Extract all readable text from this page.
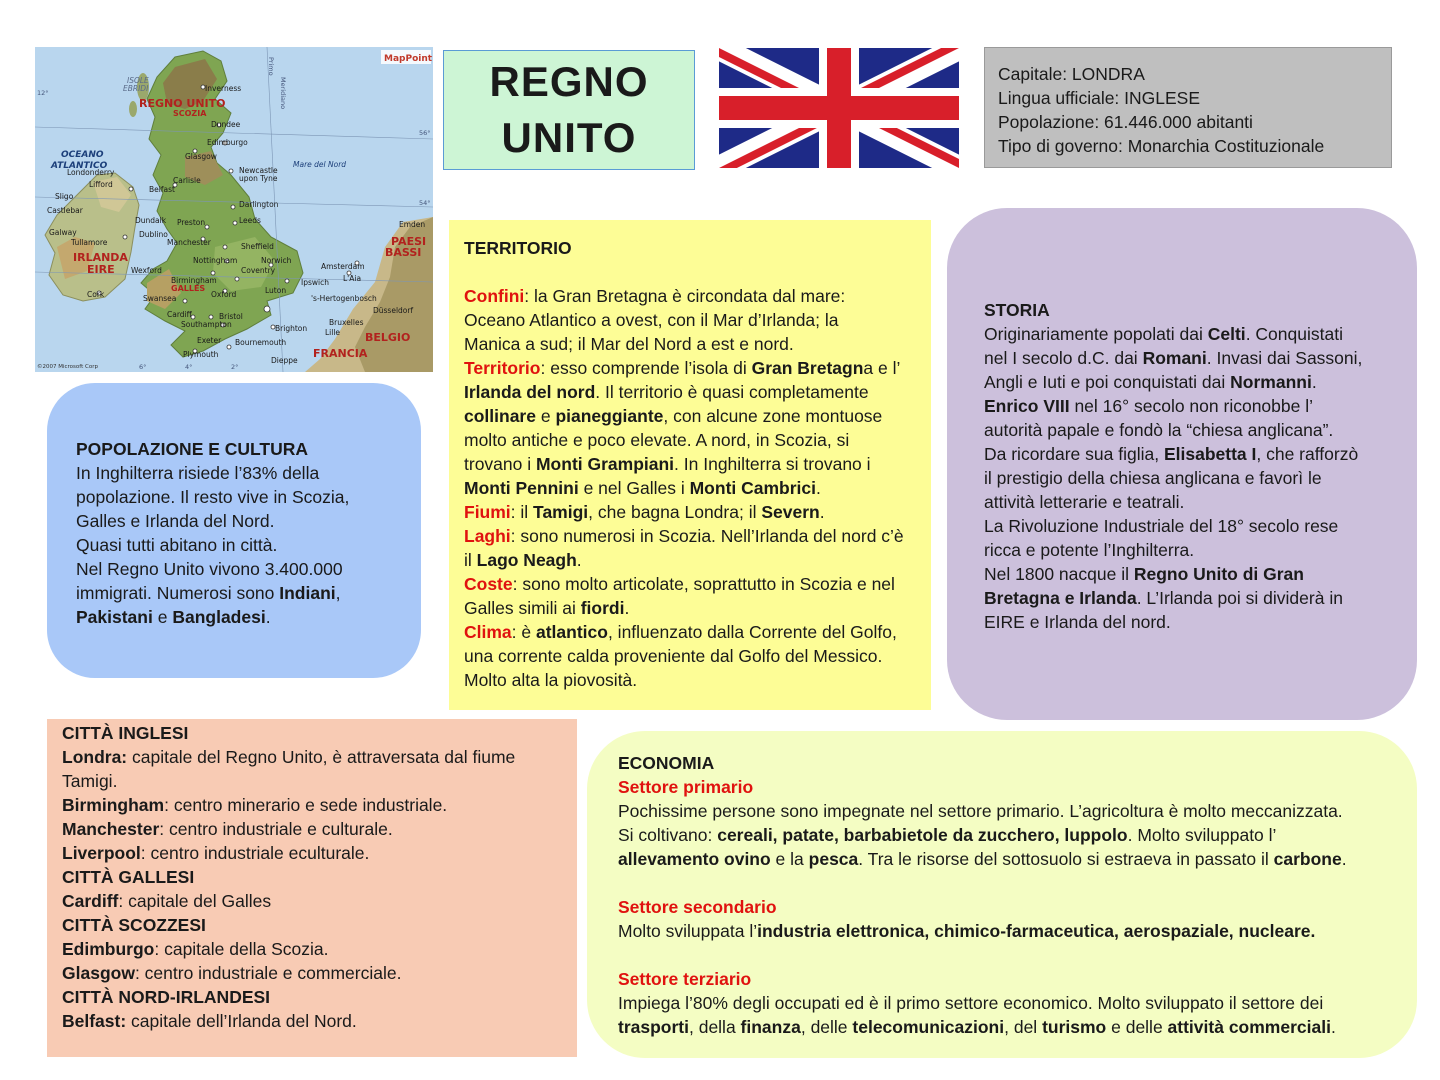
Inverness
Dundee
Edimburgo
Glasgow
Londonderry
Lifford	Carlisle
Newcastle
upon Tyne
Belfast
Sligo
Darlington
Castlebar
Dundalk Preston	Leeds
Dublino
Galway
Tullamore	Manchester	Sheffield
Nottingham	Norwich
Wexford
Birmingham
Coventry	Amsterdam
L'Aia
Ipswich
Cork	Swansea	Oxford	Luton
's-Hertogenbosch
Cardiff	Bristol
Düsseldorf
Southampton	Brighton
Bruxelles
Lille
Exeter Bournemouth
Plymouth
Dieppe
Emden
REGNO UNITO
SCOZIA
IRLANDA
EIRE
GALLES
PAESI
BASSI
BELGIO
FRANCIA
OCEANO
ATLANTICO	Mare del Nord
ISOLE
EBRIDI
56°
54°
12°
6°	4°	2°
Primo
Meridiano
MapPoint
©2007 Microsoft Corp
REGNO
UNITO

Capitale: LONDRA

Lingua ufficiale: INGLESE

Popolazione: 61.446.000 abitanti

Tipo di governo: Monarchia Costituzionale

POPOLAZIONE E CULTURA

In Inghilterra risiede l’83% della

popolazione. Il resto vive in Scozia,

Galles e Irlanda del Nord.

Quasi tutti abitano in città.

Nel Regno Unito vivono 3.400.000

immigrati. Numerosi sono Indiani,

Pakistani e Bangladesi.

TERRITORIO

Confini: la Gran Bretagna è circondata dal mare:

Oceano Atlantico a ovest, con il Mar d’Irlanda; la

Manica a sud; il Mar del Nord a est e nord.

Territorio: esso comprende l’isola di Gran Bretagna e l’

Irlanda del nord. Il territorio è quasi completamente

collinare e pianeggiante, con alcune zone montuose

molto antiche e poco elevate. A nord, in Scozia, si

trovano i Monti Grampiani. In Inghilterra si trovano i

Monti Pennini e nel Galles i Monti Cambrici.

Fiumi: il Tamigi, che bagna Londra; il Severn.

Laghi: sono numerosi in Scozia. Nell’Irlanda del nord c’è

il Lago Neagh.

Coste: sono molto articolate, soprattutto in Scozia e nel

Galles simili ai fiordi.

Clima: è atlantico, influenzato dalla Corrente del Golfo,

una corrente calda proveniente dal Golfo del Messico.

Molto alta la piovosità.

STORIA

Originariamente popolati dai Celti. Conquistati

nel I secolo d.C. dai Romani. Invasi dai Sassoni,

Angli e Iuti e poi conquistati dai Normanni.

Enrico VIII nel 16° secolo non riconobbe l’

autorità papale e fondò la “chiesa anglicana”.

Da ricordare sua figlia, Elisabetta I, che rafforzò

il prestigio della chiesa anglicana e favorì le

attività letterarie e teatrali.

La Rivoluzione Industriale del 18° secolo rese

ricca e potente l’Inghilterra.

Nel 1800 nacque il Regno Unito di Gran

Bretagna e Irlanda. L’Irlanda poi si dividerà in

EIRE e Irlanda del nord.

CITTÀ INGLESI

Londra: capitale del Regno Unito, è attraversata dal fiume

Tamigi.

Birmingham: centro minerario e sede industriale.

Manchester: centro industriale e culturale.

Liverpool: centro industriale eculturale.

CITTÀ GALLESI

Cardiff: capitale del Galles

CITTÀ SCOZZESI

Edimburgo: capitale della Scozia.

Glasgow: centro industriale e commerciale.

CITTÀ NORD-IRLANDESI

Belfast: capitale dell’Irlanda del Nord.

ECONOMIA

Settore primario

Pochissime persone sono impegnate nel settore primario. L’agricoltura è molto meccanizzata.

Si coltivano: cereali, patate, barbabietole da zucchero, luppolo. Molto sviluppato l’

allevamento ovino e la pesca. Tra le risorse del sottosuolo si estraeva in passato il carbone.

Settore secondario

Molto sviluppata l’industria elettronica, chimico-farmaceutica, aerospaziale, nucleare.

Settore terziario

Impiega l’80% degli occupati ed è il primo settore economico. Molto sviluppato il settore dei

trasporti, della finanza, delle telecomunicazioni, del turismo e delle attività commerciali.
